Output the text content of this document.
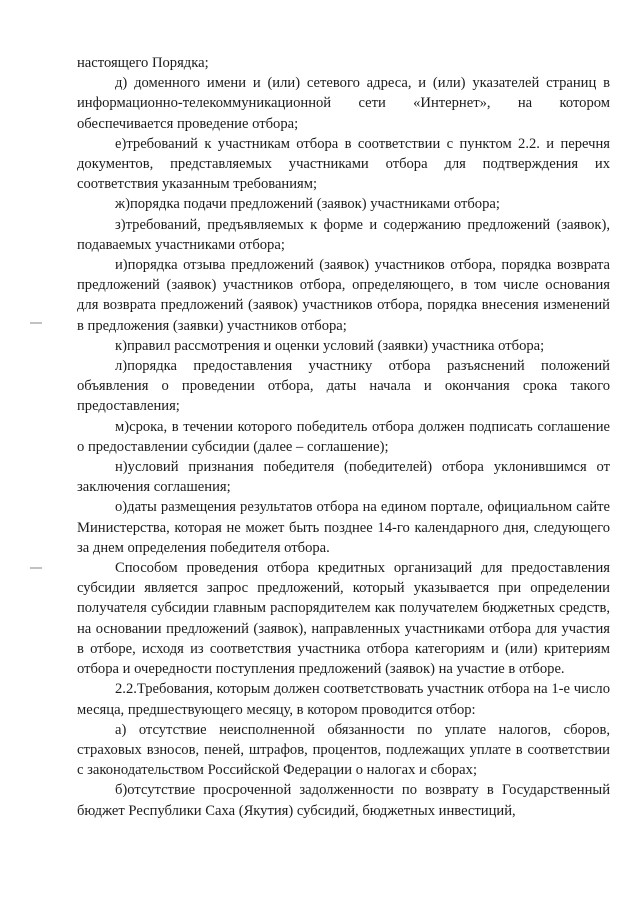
настоящего Порядка;

д) доменного имени и (или) сетевого адреса, и (или) указателей страниц в информационно-телекоммуникационной сети «Интернет», на котором обеспечивается проведение отбора;

е)требований к участникам отбора в соответствии с пунктом 2.2. и перечня документов, представляемых участниками отбора для подтверждения их соответствия указанным требованиям;

ж)порядка подачи предложений (заявок) участниками отбора;

з)требований, предъявляемых к форме и содержанию предложений (заявок), подаваемых участниками отбора;

и)порядка отзыва предложений (заявок) участников отбора, порядка возврата предложений (заявок) участников отбора, определяющего, в том числе основания для возврата предложений (заявок) участников отбора, порядка внесения изменений в предложения (заявки) участников отбора;

к)правил рассмотрения и оценки условий (заявки) участника отбора;

л)порядка предоставления участнику отбора разъяснений положений объявления о проведении отбора, даты начала и окончания срока такого предоставления;

м)срока, в течении которого победитель отбора должен подписать соглашение о предоставлении субсидии (далее – соглашение);

н)условий признания победителя (победителей) отбора уклонившимся от заключения соглашения;

о)даты размещения результатов отбора на едином портале, официальном сайте Министерства, которая не может быть позднее 14-го календарного дня, следующего за днем определения победителя отбора.

Способом проведения отбора кредитных организаций для предоставления субсидии является запрос предложений, который указывается при определении получателя субсидии главным распорядителем как получателем бюджетных средств, на основании предложений (заявок), направленных участниками отбора для участия в отборе, исходя из соответствия участника отбора категориям и (или) критериям отбора и очередности поступления предложений (заявок) на участие в отборе.

2.2.Требования, которым должен соответствовать участник отбора на 1-е число месяца, предшествующего месяцу, в котором проводится отбор:

а) отсутствие неисполненной обязанности по уплате налогов, сборов, страховых взносов, пеней, штрафов, процентов, подлежащих уплате в соответствии с законодательством Российской Федерации о налогах и сборах;

б)отсутствие просроченной задолженности по возврату в Государственный бюджет Республики Саха (Якутия) субсидий, бюджетных инвестиций,
